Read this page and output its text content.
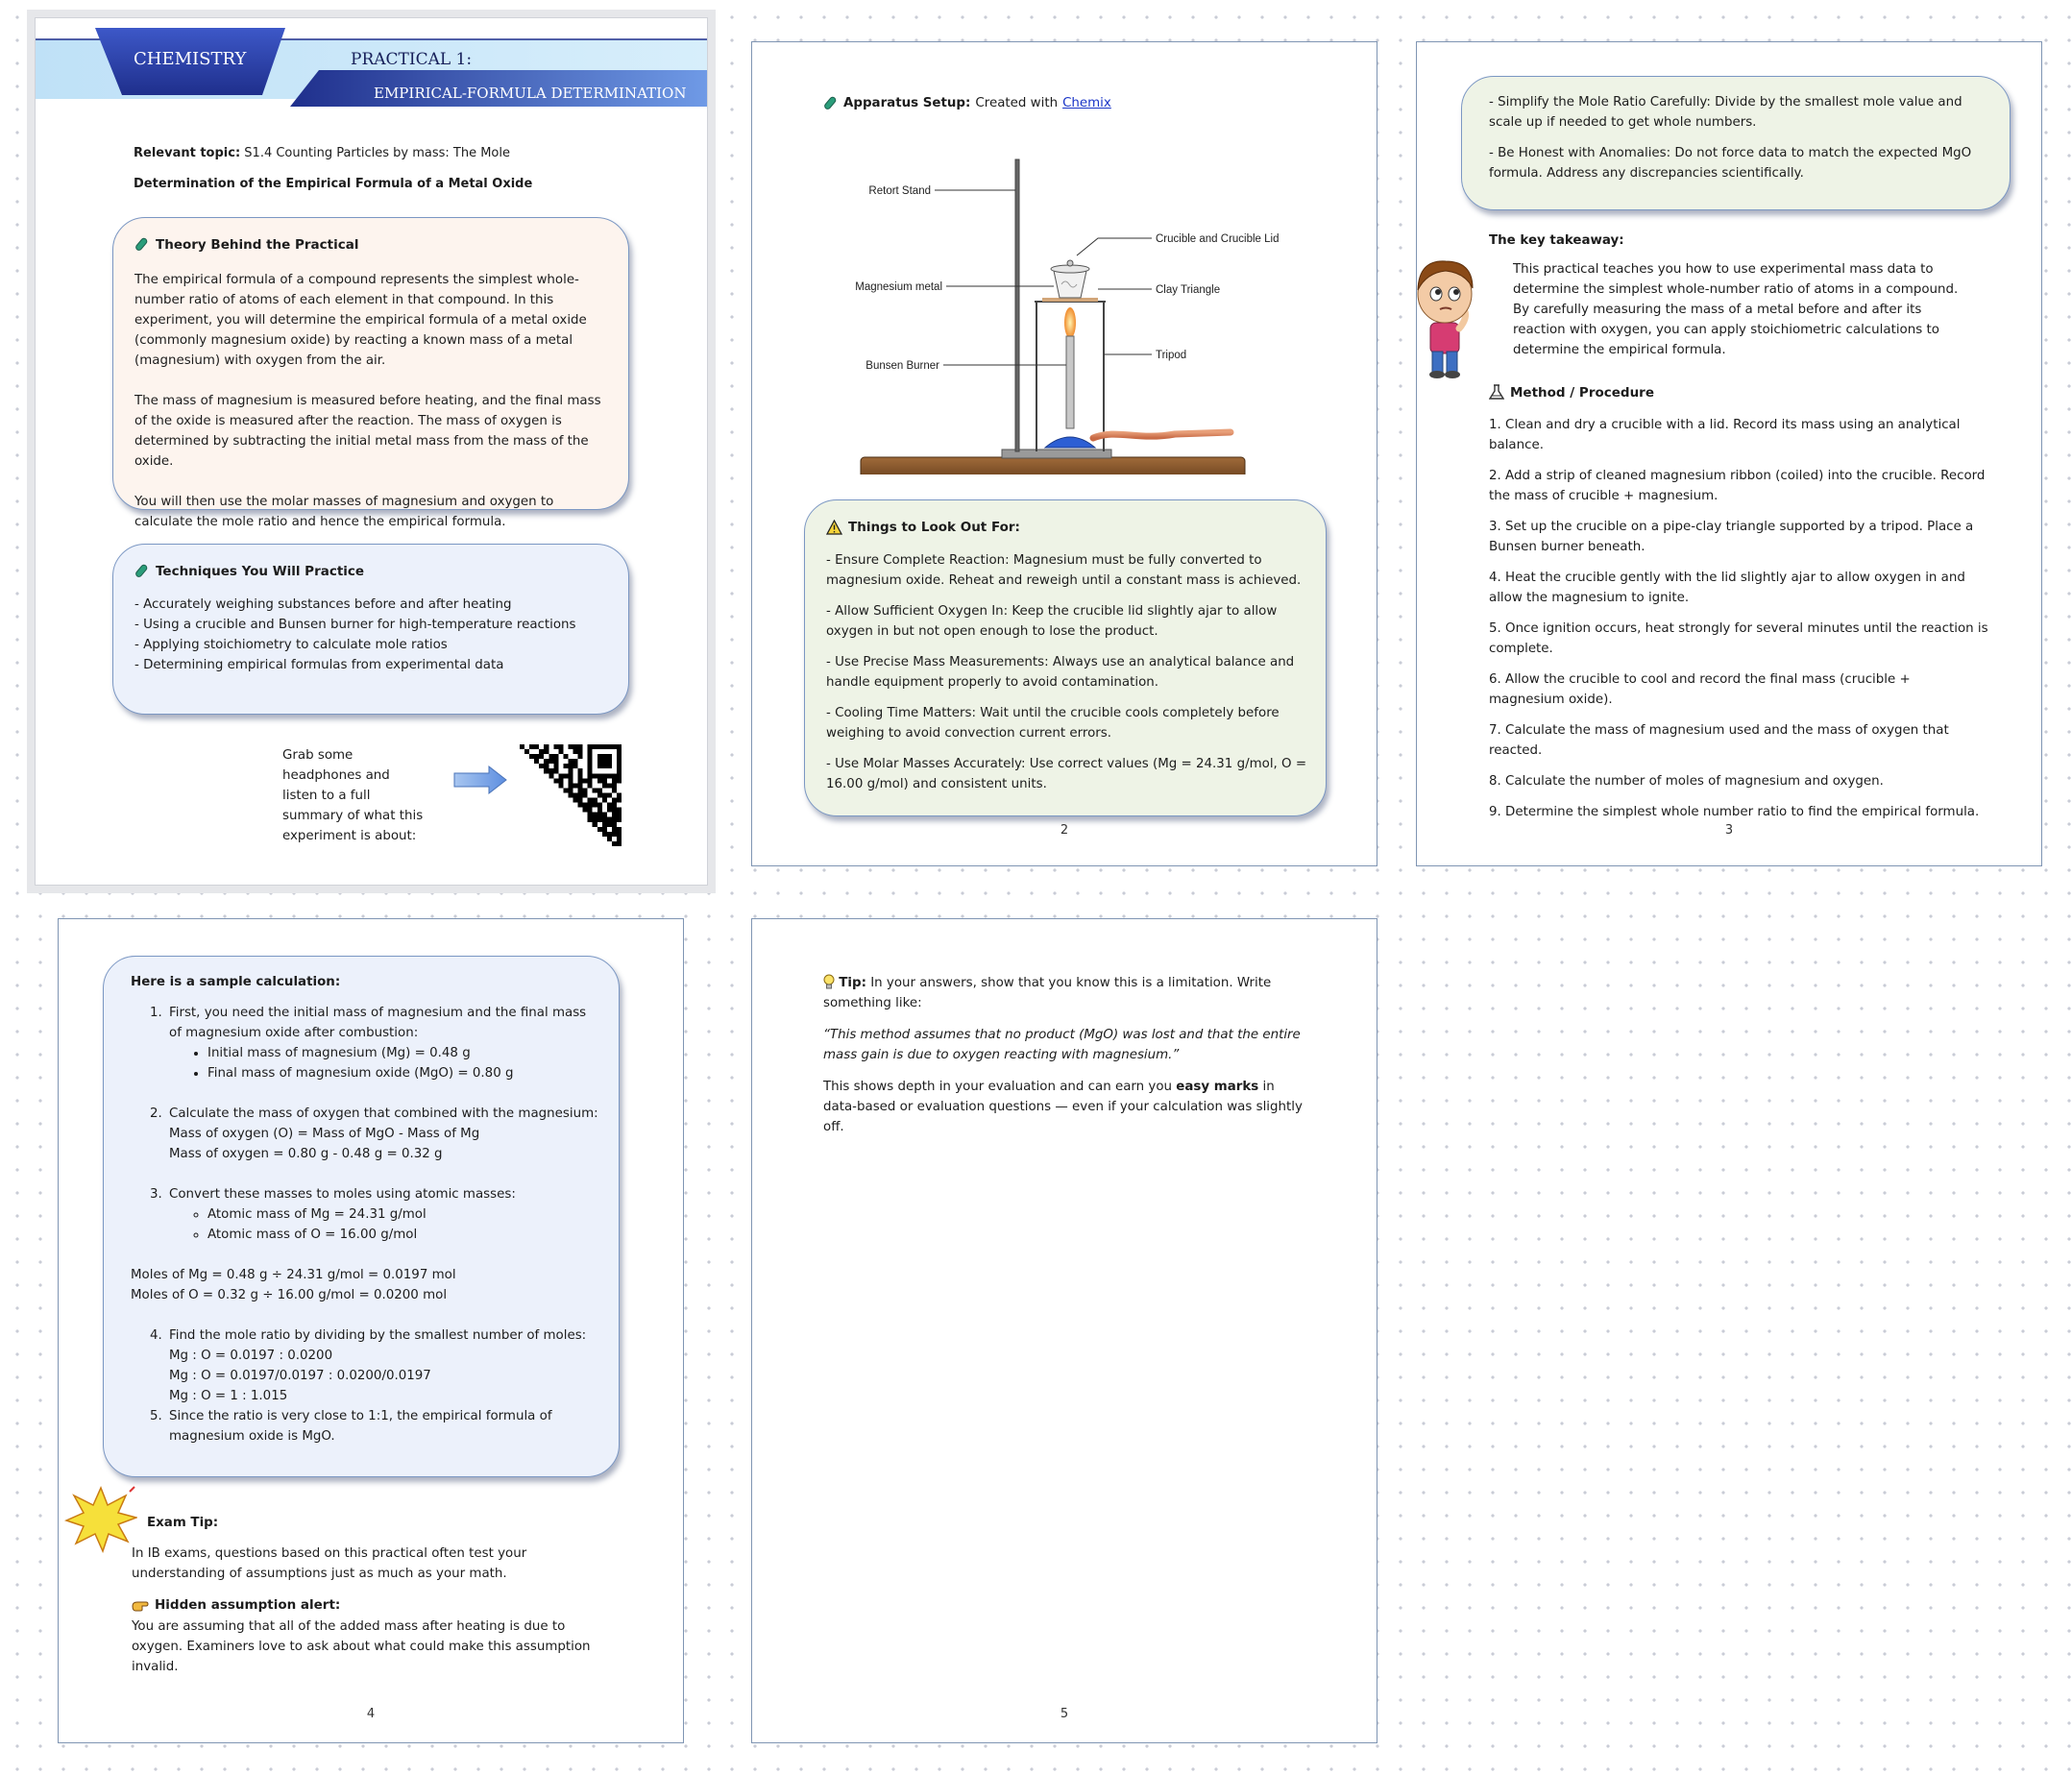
CHEMISTRY	PRACTICAL 1:
EMPIRICAL-FORMULA DETERMINATION
Relevant topic: S1.4 Counting Particles by mass: The Mole
Determination of the Empirical Formula of a Metal Oxide
Theory Behind the Practical

The empirical formula of a compound represents the simplest whole-number ratio of atoms of each element in that compound. In this experiment, you will determine the empirical formula of a metal oxide (commonly magnesium oxide) by reacting a known mass of a metal (magnesium) with oxygen from the air.

The mass of magnesium is measured before heating, and the final mass of the oxide is measured after the reaction. The mass of oxygen is determined by subtracting the initial metal mass from the mass of the oxide.

You will then use the molar masses of magnesium and oxygen to calculate the mole ratio and hence the empirical formula.

Techniques You Will Practice
- Accurately weighing substances before and after heating
- Using a crucible and Bunsen burner for high-temperature reactions
- Applying stoichiometry to calculate mole ratios
- Determining empirical formulas from experimental data
Grab some headphones and listen to a full summary of what this experiment is about:
Apparatus Setup: Created with Chemix
Retort Stand
Magnesium metal
Bunsen Burner
Crucible and Crucible Lid
Clay Triangle
Tripod
Things to Look Out For:

- Ensure Complete Reaction: Magnesium must be fully converted to magnesium oxide. Reheat and reweigh until a constant mass is achieved.

- Allow Sufficient Oxygen In: Keep the crucible lid slightly ajar to allow oxygen in but not open enough to lose the product.

- Use Precise Mass Measurements: Always use an analytical balance and handle equipment properly to avoid contamination.

- Cooling Time Matters: Wait until the crucible cools completely before weighing to avoid convection current errors.

- Use Molar Masses Accurately: Use correct values (Mg = 24.31 g/mol, O = 16.00 g/mol) and consistent units.

2

- Simplify the Mole Ratio Carefully: Divide by the smallest mole value and scale up if needed to get whole numbers.

- Be Honest with Anomalies: Do not force data to match the expected MgO formula. Address any discrepancies scientifically.

The key takeaway:
This practical teaches you how to use experimental mass data to determine the simplest whole-number ratio of atoms in a compound. By carefully measuring the mass of a metal before and after its reaction with oxygen, you can apply stoichiometric calculations to determine the empirical formula.
Method / Procedure

1. Clean and dry a crucible with a lid. Record its mass using an analytical balance.

2. Add a strip of cleaned magnesium ribbon (coiled) into the crucible. Record the mass of crucible + magnesium.

3. Set up the crucible on a pipe-clay triangle supported by a tripod. Place a Bunsen burner beneath.

4. Heat the crucible gently with the lid slightly ajar to allow oxygen in and allow the magnesium to ignite.

5. Once ignition occurs, heat strongly for several minutes until the reaction is complete.

6. Allow the crucible to cool and record the final mass (crucible + magnesium oxide).

7. Calculate the mass of magnesium used and the mass of oxygen that reacted.

8. Calculate the number of moles of magnesium and oxygen.

9. Determine the simplest whole number ratio to find the empirical formula.

3
Here is a sample calculation:
1. First, you need the initial mass of magnesium and the final mass of magnesium oxide after combustion:
• Initial mass of magnesium (Mg) = 0.48 g
• Final mass of magnesium oxide (MgO) = 0.80 g
2. Calculate the mass of oxygen that combined with the magnesium:
Mass of oxygen (O) = Mass of MgO - Mass of Mg
Mass of oxygen = 0.80 g - 0.48 g = 0.32 g
3. Convert these masses to moles using atomic masses:
◦ Atomic mass of Mg = 24.31 g/mol
◦ Atomic mass of O = 16.00 g/mol
Moles of Mg = 0.48 g ÷ 24.31 g/mol = 0.0197 mol
Moles of O = 0.32 g ÷ 16.00 g/mol = 0.0200 mol
4. Find the mole ratio by dividing by the smallest number of moles:
Mg : O = 0.0197 : 0.0200
Mg : O = 0.0197/0.0197 : 0.0200/0.0197
Mg : O = 1 : 1.015
5. Since the ratio is very close to 1:1, the empirical formula of magnesium oxide is MgO.
Exam Tip:
In IB exams, questions based on this practical often test your understanding of assumptions just as much as your math.
Hidden assumption alert:
You are assuming that all of the added mass after heating is due to oxygen. Examiners love to ask about what could make this assumption invalid.
4
Tip: In your answers, show that you know this is a limitation. Write something like:
“This method assumes that no product (MgO) was lost and that the entire mass gain is due to oxygen reacting with magnesium.”
This shows depth in your evaluation and can earn you easy marks in data-based or evaluation questions — even if your calculation was slightly off.
5
